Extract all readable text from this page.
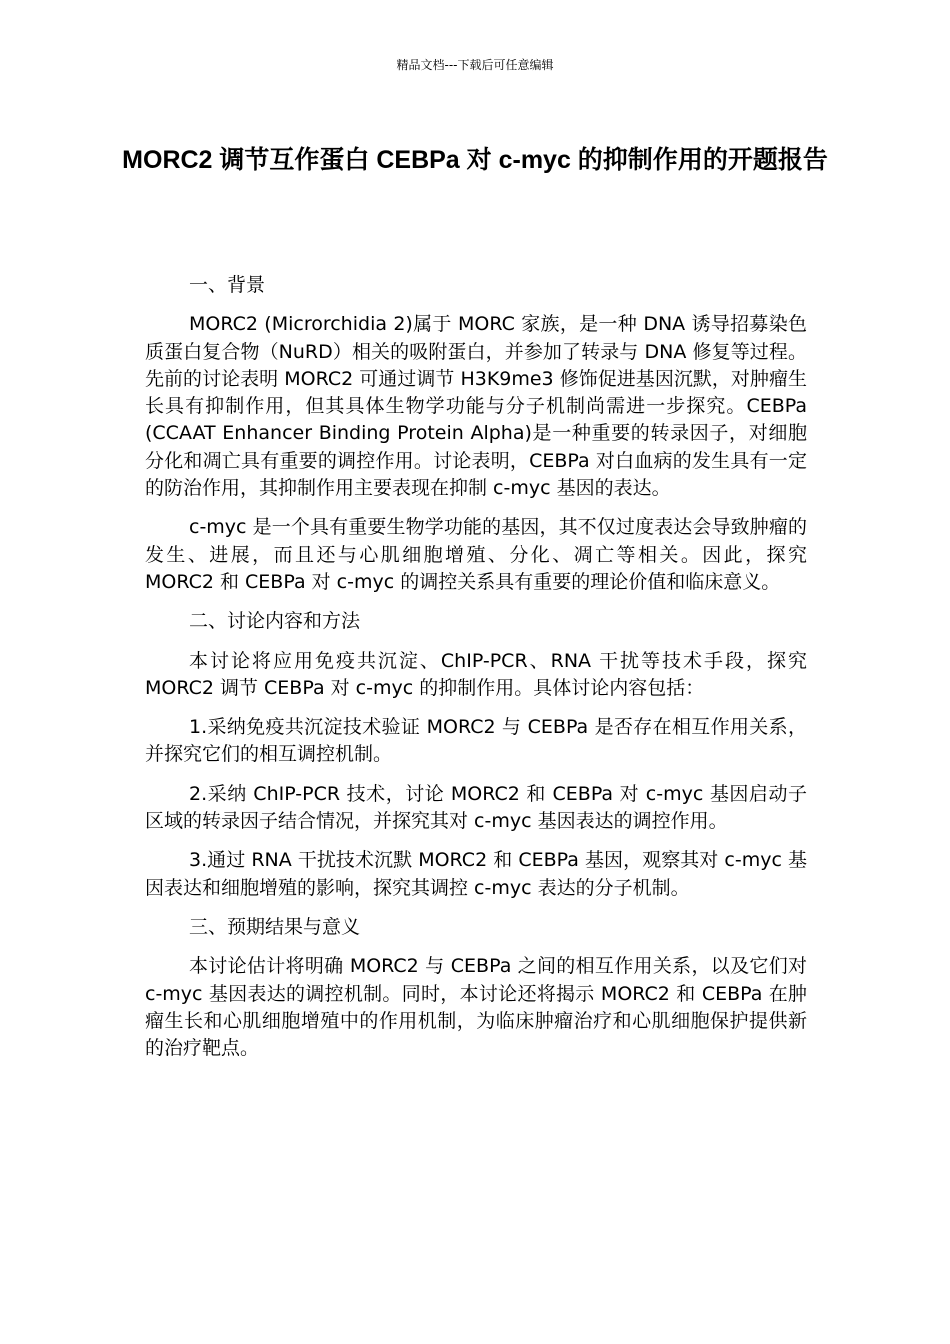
精品文档---下载后可任意编辑
MORC2 调节互作蛋白 CEBPa 对 c-myc 的抑制作用的开题报告

一、背景

MORC2 (Microrchidia 2)属于 MORC 家族，是一种 DNA 诱导招募染色质蛋白复合物（NuRD）相关的吸附蛋白，并参加了转录与 DNA 修复等过程。先前的讨论表明 MORC2 可通过调节 H3K9me3 修饰促进基因沉默，对肿瘤生长具有抑制作用，但其具体生物学功能与分子机制尚需进一步探究。CEBPa (CCAAT Enhancer Binding Protein Alpha)是一种重要的转录因子，对细胞分化和凋亡具有重要的调控作用。讨论表明，CEBPa 对白血病的发生具有一定的防治作用，其抑制作用主要表现在抑制 c-myc 基因的表达。

c-myc 是一个具有重要生物学功能的基因，其不仅过度表达会导致肿瘤的发生、进展，而且还与心肌细胞增殖、分化、凋亡等相关。因此，探究 MORC2 和 CEBPa 对 c-myc 的调控关系具有重要的理论价值和临床意义。

二、讨论内容和方法

本讨论将应用免疫共沉淀、ChIP-PCR、RNA 干扰等技术手段，探究 MORC2 调节 CEBPa 对 c-myc 的抑制作用。具体讨论内容包括：

1.采纳免疫共沉淀技术验证 MORC2 与 CEBPa 是否存在相互作用关系，并探究它们的相互调控机制。

2.采纳 ChIP-PCR 技术，讨论 MORC2 和 CEBPa 对 c-myc 基因启动子区域的转录因子结合情况，并探究其对 c-myc 基因表达的调控作用。

3.通过 RNA 干扰技术沉默 MORC2 和 CEBPa 基因，观察其对 c-myc 基因表达和细胞增殖的影响，探究其调控 c-myc 表达的分子机制。

三、预期结果与意义

本讨论估计将明确 MORC2 与 CEBPa 之间的相互作用关系，以及它们对 c-myc 基因表达的调控机制。同时，本讨论还将揭示 MORC2 和 CEBPa 在肿瘤生长和心肌细胞增殖中的作用机制，为临床肿瘤治疗和心肌细胞保护提供新的治疗靶点。
